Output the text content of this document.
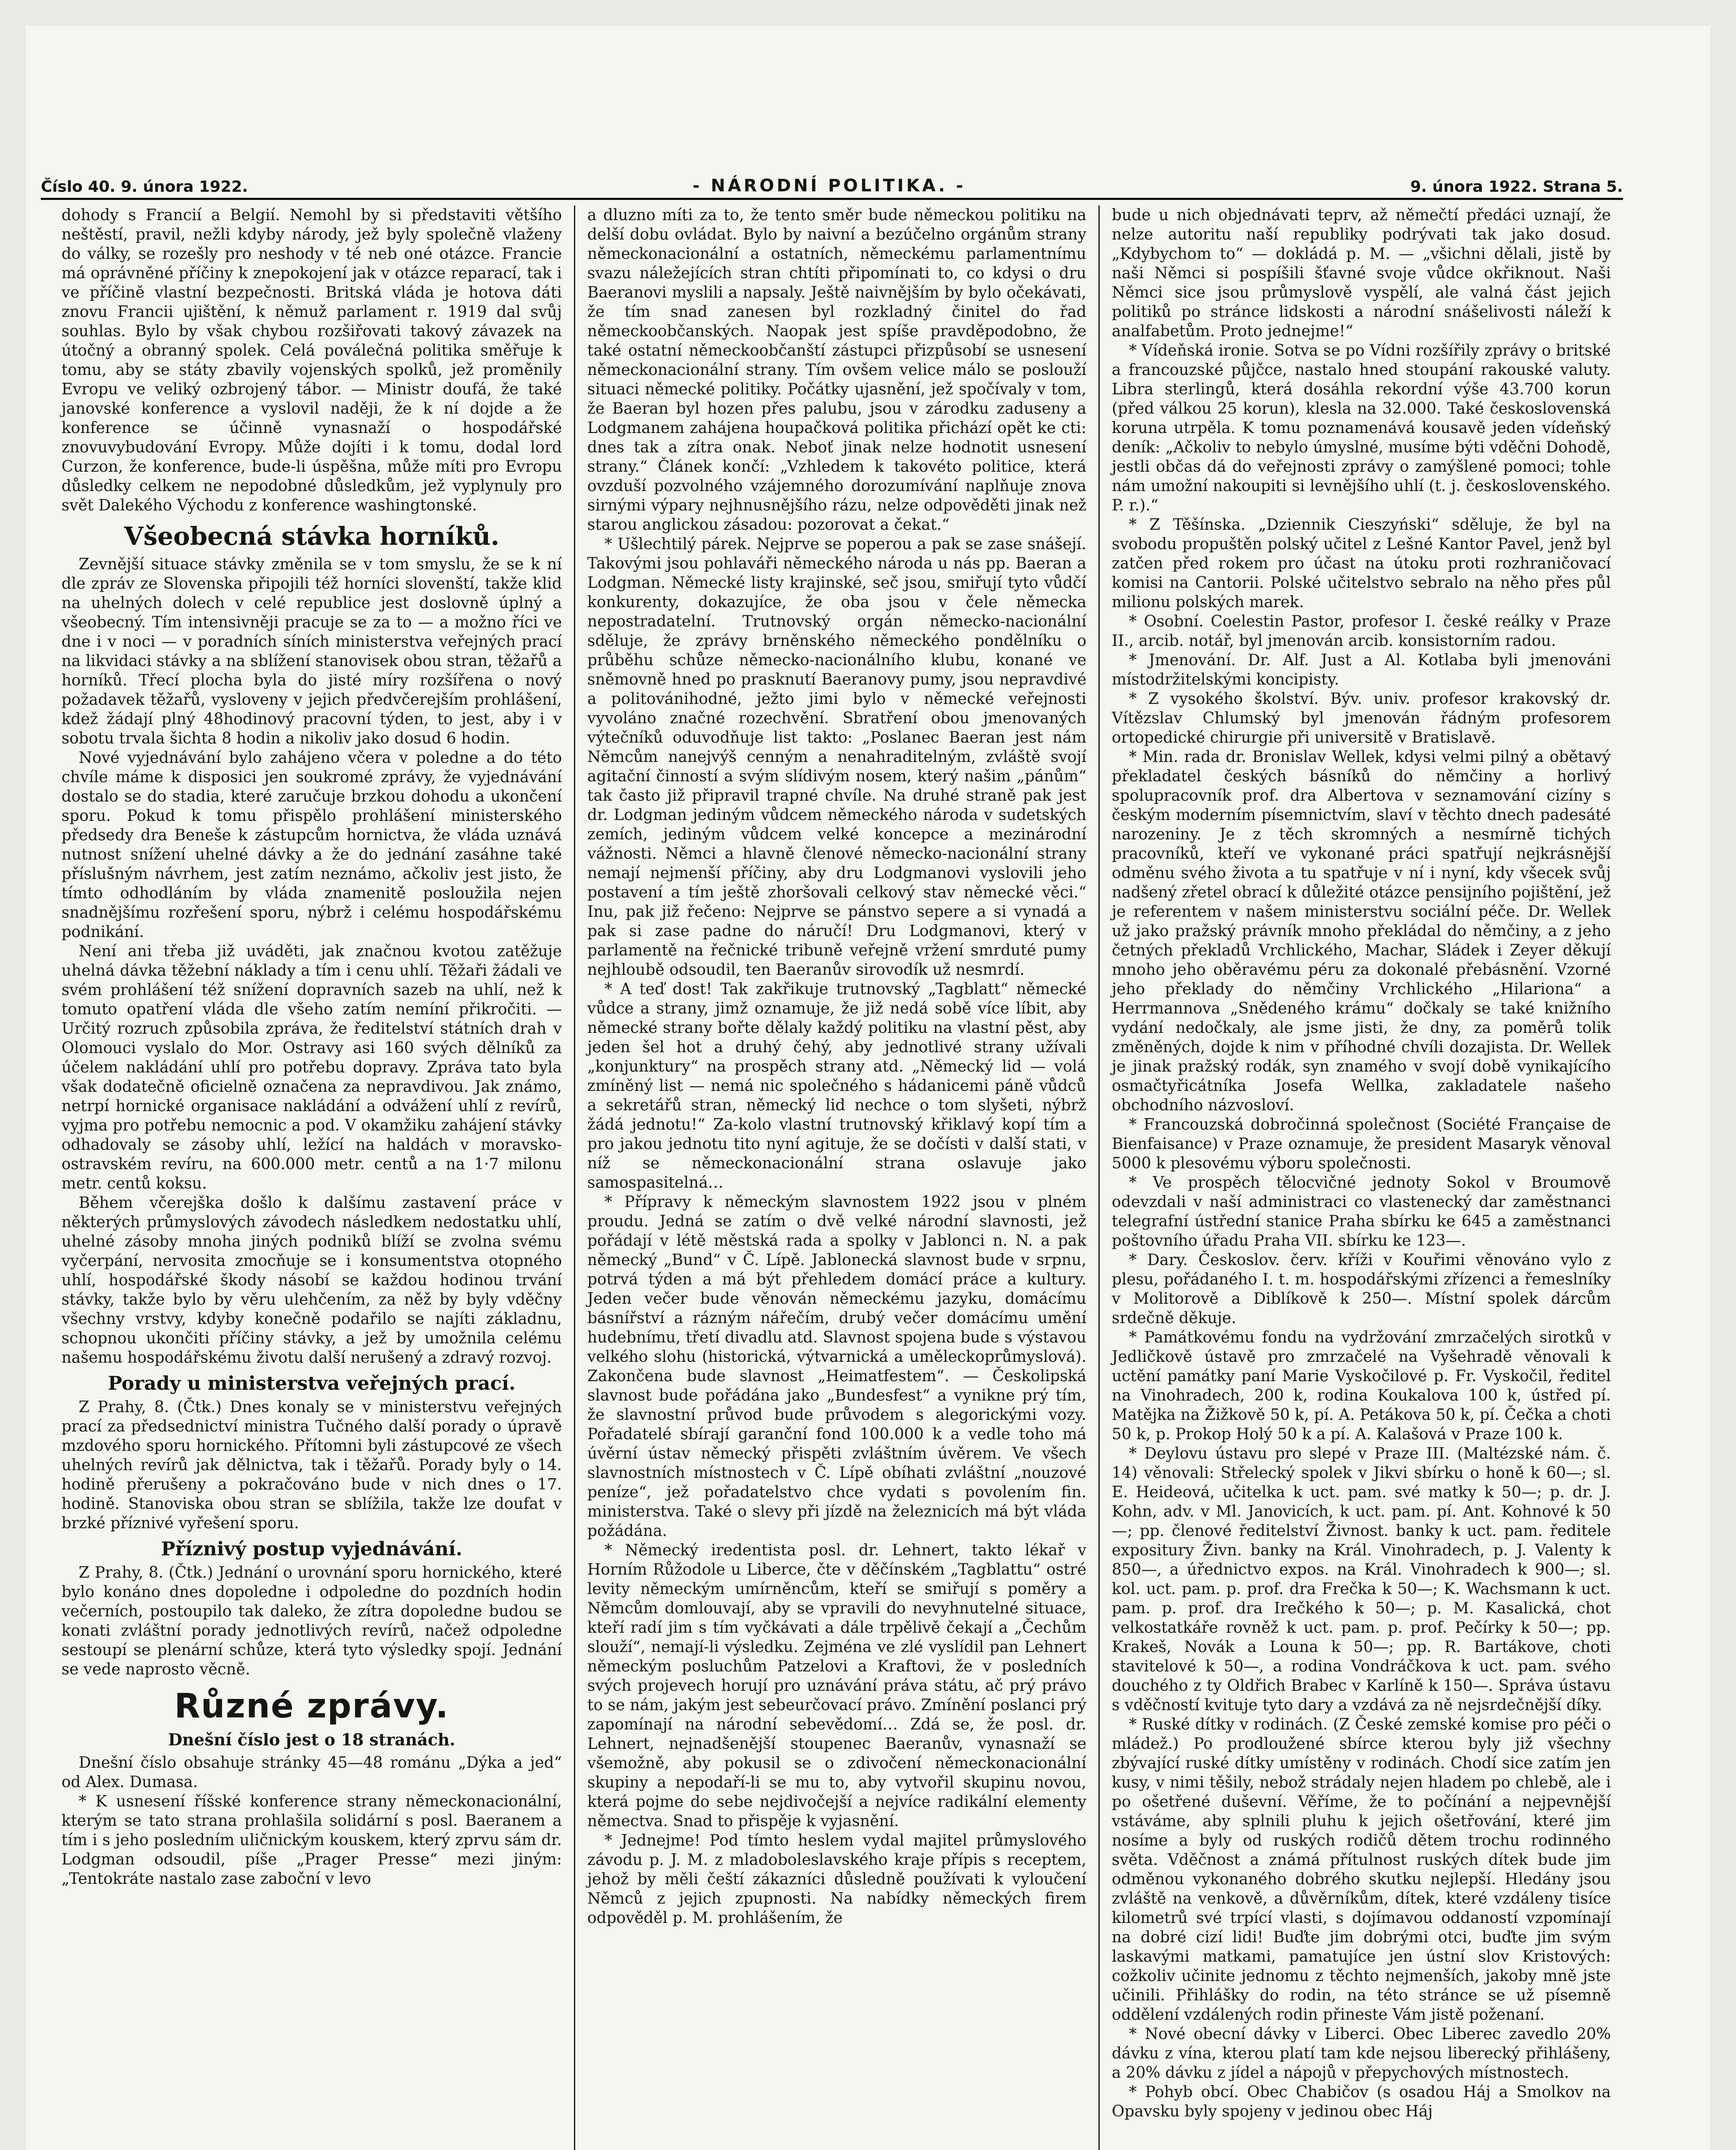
Číslo 40. 9. února 1922.	- NÁRODNÍ POLITIKA. -	9. února 1922. Strana 5.

dohody s Francií a Belgií. Nemohl by si představiti většího neštěstí, pravil, nežli kdyby národy, jež byly společně vlaženy do války, se rozešly pro neshody v té neb oné otázce. Francie má oprávněné příčiny k znepokojení jak v otázce reparací, tak i ve příčině vlastní bezpečnosti. Britská vláda je hotova dáti znovu Francii ujištění, k němuž parlament r. 1919 dal svůj souhlas. Bylo by však chybou rozšiřovati takový závazek na útočný a obranný spolek. Celá poválečná politika směřuje k tomu, aby se státy zbavily vojenských spolků, jež proměnily Evropu ve veliký ozbrojený tábor. — Ministr doufá, že také janovské konference a vyslovil naději, že k ní dojde a že konference se účinně vynasnaží o hospodářské znovuvybudování Evropy. Může dojíti i k tomu, dodal lord Curzon, že konference, bude-li úspěšna, může míti pro Evropu důsledky celkem ne nepodobné důsledkům, jež vyplynuly pro svět Dalekého Východu z konference washingtonské.

Všeobecná stávka horníků.

Zevnější situace stávky změnila se v tom smyslu, že se k ní dle zpráv ze Slovenska připojili též horníci slovenští, takže klid na uhelných dolech v celé republice jest doslovně úplný a všeobecný. Tím intensivněji pracuje se za to — a možno říci ve dne i v noci — v poradních síních ministerstva veřejných prací na likvidaci stávky a na sblížení stanovisek obou stran, těžařů a horníků. Třecí plocha byla do jisté míry rozšířena o nový požadavek těžařů, vysloveny v jejich předvčerejším prohlášení, kdež žádají plný 48hodinový pracovní týden, to jest, aby i v sobotu trvala šichta 8 hodin a nikoliv jako dosud 6 hodin.

Nové vyjednávání bylo zahájeno včera v poledne a do této chvíle máme k disposici jen soukromé zprávy, že vyjednávání dostalo se do stadia, které zaručuje brzkou dohodu a ukončení sporu. Pokud k tomu přispělo prohlášení ministerského předsedy dra Beneše k zástupcům hornictva, že vláda uznává nutnost snížení uhelné dávky a že do jednání zasáhne také příslušným návrhem, jest zatím neznámo, ačkoliv jest jisto, že tímto odhodláním by vláda znamenitě posloužila nejen snadnějšímu rozřešení sporu, nýbrž i celému hospodářskému podnikání.

Není ani třeba již uváděti, jak značnou kvotou zatěžuje uhelná dávka těžební náklady a tím i cenu uhlí. Těžaři žádali ve svém prohlášení též snížení dopravních sazeb na uhlí, než k tomuto opatření vláda dle všeho zatím nemíní přikročiti. — Určitý rozruch způsobila zpráva, že ředitelství státních drah v Olomouci vyslalo do Mor. Ostravy asi 160 svých dělníků za účelem nakládání uhlí pro potřebu dopravy. Zpráva tato byla však dodatečně oficielně označena za nepravdivou. Jak známo, netrpí hornické organisace nakládání a odvážení uhlí z revírů, vyjma pro potřebu nemocnic a pod. V okamžiku zahájení stávky odhadovaly se zásoby uhlí, ležící na haldách v moravsko-ostravském revíru, na 600.000 metr. centů a na 1·7 milonu metr. centů koksu.

Během včerejška došlo k dalšímu zastavení práce v některých průmyslových závodech následkem nedostatku uhlí, uhelné zásoby mnoha jiných podniků blíží se zvolna svému vyčerpání, nervosita zmocňuje se i konsumentstva otopného uhlí, hospodářské škody násobí se každou hodinou trvání stávky, takže bylo by věru ulehčením, za něž by byly vděčny všechny vrstvy, kdyby konečně podařilo se najíti základnu, schopnou ukončiti příčiny stávky, a jež by umožnila celému našemu hospodářskému životu další nerušený a zdravý rozvoj.

Porady u ministerstva veřejných prací.

Z Prahy, 8. (Čtk.) Dnes konaly se v ministerstvu veřejných prací za předsednictví ministra Tučného další porady o úpravě mzdového sporu hornického. Přítomni byli zástupcové ze všech uhelných revírů jak dělnictva, tak i těžařů. Porady byly o 14. hodině přerušeny a pokračováno bude v nich dnes o 17. hodině. Stanoviska obou stran se sblížila, takže lze doufat v brzké příznivé vyřešení sporu.

Příznivý postup vyjednávání.

Z Prahy, 8. (Čtk.) Jednání o urovnání sporu hornického, které bylo konáno dnes dopoledne i odpoledne do pozdních hodin večerních, postoupilo tak daleko, že zítra dopoledne budou se konati zvláštní porady jednotlivých revírů, načež odpoledne sestoupí se plenární schůze, která tyto výsledky spojí. Jednání se vede naprosto věcně.

Různé zprávy.
Dnešní číslo jest o 18 stranách.

Dnešní číslo obsahuje stránky 45—48 románu „Dýka a jed“ od Alex. Dumasa.

* K usnesení říšské konference strany německonacionální, kterým se tato strana prohlašila solidární s posl. Baeranem a tím i s jeho posledním uličnickým kouskem, který zprvu sám dr. Lodgman odsoudil, píše „Prager Presse“ mezi jiným: „Tentokráte nastalo zase zaboční v levo

a dluzno míti za to, že tento směr bude německou politiku na delší dobu ovládat. Bylo by naivní a bezúčelno orgánům strany německonacionální a ostatních, německému parlamentnímu svazu náležejících stran chtíti připomínati to, co kdysi o dru Baeranovi myslili a napsaly. Ještě naivnějším by bylo očekávati, že tím snad zanesen byl rozkladný činitel do řad německoobčanských. Naopak jest spíše pravděpodobno, že také ostatní německoobčanští zástupci přizpůsobí se usnesení německonacionální strany. Tím ovšem velice málo se poslouží situaci německé politiky. Počátky ujasnění, jež spočívaly v tom, že Baeran byl hozen přes palubu, jsou v zárodku zaduseny a Lodgmanem zahájena houpačková politika přichází opět ke cti: dnes tak a zítra onak. Neboť jinak nelze hodnotit usnesení strany.“ Článek končí: „Vzhledem k takovéto politice, která ovzduší pozvolného vzájemného dorozumívání naplňuje znova sirnými výpary nejhnusnějšího rázu, nelze odpověděti jinak než starou anglickou zásadou: pozorovat a čekat.“

* Ušlechtilý párek. Nejprve se poperou a pak se zase snášejí. Takovými jsou pohlaváři německého národa u nás pp. Baeran a Lodgman. Německé listy krajinské, seč jsou, smiřují tyto vůdčí konkurenty, dokazujíce, že oba jsou v čele německa nepostradatelní. Trutnovský orgán německo-nacionální sděluje, že zprávy brněnského německého pondělníku o průběhu schůze německo-nacionálního klubu, konané ve sněmovně hned po prasknutí Baeranovy pumy, jsou nepravdivé a politovánihodné, ježto jimi bylo v německé veřejnosti vyvoláno značné rozechvění. Sbratření obou jmenovaných výtečníků oduvodňuje list takto: „Poslanec Baeran jest nám Němcům nanejvýš cenným a nenahraditelným, zvláště svojí agitační činností a svým slídivým nosem, který našim „pánům“ tak často již připravil trapné chvíle. Na druhé straně pak jest dr. Lodgman jediným vůdcem německého národa v sudetských zemích, jediným vůdcem velké koncepce a mezinárodní vážnosti. Němci a hlavně členové německo-nacionální strany nemají nejmenší příčiny, aby dru Lodgmanovi vyslovili jeho postavení a tím ještě zhoršovali celkový stav německé věci.“ Inu, pak již řečeno: Nejprve se pánstvo sepere a si vynadá a pak si zase padne do náručí! Dru Lodgmanovi, který v parlamentě na řečnické tribuně veřejně vržení smrduté pumy nejhloubě odsoudil, ten Baeranův sirovodík už nesmrdí.

* A teď dost! Tak zakřikuje trutnovský „Tagblatt“ německé vůdce a strany, jimž oznamuje, že již nedá sobě více líbit, aby německé strany bořte dělaly každý politiku na vlastní pěst, aby jeden šel hot a druhý čehý, aby jednotlivé strany užívali „konjunktury“ na prospěch strany atd. „Německý lid — volá zmíněný list — nemá nic společného s hádanicemi páně vůdců a sekretářů stran, německý lid nechce o tom slyšeti, nýbrž žádá jednotu!“ Za-kolo vlastní trutnovský křiklavý kopí tím a pro jakou jednotu tito nyní agituje, že se dočísti v další stati, v níž se německonacionální strana oslavuje jako samospasitelná…

* Přípravy k německým slavnostem 1922 jsou v plném proudu. Jedná se zatím o dvě velké národní slavnosti, jež pořádají v létě městská rada a spolky v Jablonci n. N. a pak německý „Bund“ v Č. Lípě. Jablonecká slavnost bude v srpnu, potrvá týden a má být přehledem domácí práce a kultury. Jeden večer bude věnován německému jazyku, domácímu básnířství a rázným nářečím, drubý večer domácímu umění hudebnímu, třetí divadlu atd. Slavnost spojena bude s výstavou velkého slohu (historická, výtvarnická a uměleckoprůmyslová). Zakončena bude slavnost „Heimatfestem“. — Českolipská slavnost bude pořádána jako „Bundesfest“ a vynikne prý tím, že slavnostní průvod bude průvodem s alegorickými vozy. Pořadatelé sbírají garanční fond 100.000 k a vedle toho má úvěrní ústav německý přispěti zvláštním úvěrem. Ve všech slavnostních místnostech v Č. Lípě obíhati zvláštní „nouzové peníze“, jež pořadatelstvo chce vydati s povolením fin. ministerstva. Také o slevy při jízdě na železnicích má být vláda požádána.

* Německý iredentista posl. dr. Lehnert, takto lékař v Horním Růžodole u Liberce, čte v děčínském „Tagblattu“ ostré levity německým umírněncům, kteří se smiřují s poměry a Němcům domlouvají, aby se vpravili do nevyhnutelné situace, kteří radí jim s tím vyčkávati a dále trpělivě čekají a „Čechům slouží“, nemají-li výsledku. Zejména ve zlé vyslídil pan Lehnert německým posluchům Patzelovi a Kraftovi, že v posledních svých projevech horují pro uznávání práva státu, ač prý právo to se nám, jakým jest sebeurčovací právo. Zmínění poslanci prý zapomínají na národní sebevědomí… Zdá se, že posl. dr. Lehnert, nejnadšenější stoupenec Baeranův, vynasnaží se všemožně, aby pokusil se o zdivočení německonacionální skupiny a nepodaří-li se mu to, aby vytvořil skupinu novou, která pojme do sebe nejdivočejší a nejvíce radikální elementy němectva. Snad to přispěje k vyjasnění.

* Jednejme! Pod tímto heslem vydal majitel průmyslového závodu p. J. M. z mladoboleslavského kraje přípis s receptem, jehož by měli čeští zákazníci důsledně používati k vyloučení Němců z jejich zpupnosti. Na nabídky německých firem odpověděl p. M. prohlášením, že

bude u nich objednávati teprv, až němečtí předáci uznají, že nelze autoritu naší republiky podrývati tak jako dosud. „Kdybychom to“ — dokládá p. M. — „všichni dělali, jistě by naši Němci si pospíšili šťavné svoje vůdce okřiknout. Naši Němci sice jsou průmyslově vyspělí, ale valná část jejich politiků po stránce lidskosti a národní snášelivosti náleží k analfabetům. Proto jednejme!“

* Vídeňská ironie. Sotva se po Vídni rozšířily zprávy o britské a francouzské půjčce, nastalo hned stoupání rakouské valuty. Libra sterlingů, která dosáhla rekordní výše 43.700 korun (před válkou 25 korun), klesla na 32.000. Také československá koruna utrpěla. K tomu poznamenává kousavě jeden vídeňský deník: „Ačkoliv to nebylo úmyslné, musíme býti vděčni Dohodě, jestli občas dá do veřejnosti zprávy o zamýšlené pomoci; tohle nám umožní nakoupiti si levnějšího uhlí (t. j. československého. P. r.).“

* Z Těšínska. „Dziennik Cieszyński“ sděluje, že byl na svobodu propuštěn polský učitel z Lešné Kantor Pavel, jenž byl zatčen před rokem pro účast na útoku proti rozhraničovací komisi na Cantorii. Polské učitelstvo sebralo na něho přes půl milionu polských marek.

* Osobní. Coelestin Pastor, profesor I. české reálky v Praze II., arcib. notář, byl jmenován arcib. konsistorním radou.

* Jmenování. Dr. Alf. Just a Al. Kotlaba byli jmenováni místodržitelskými koncipisty.

* Z vysokého školství. Býv. univ. profesor krakovský dr. Vítězslav Chlumský byl jmenován řádným profesorem ortopedické chirurgie při universitě v Bratislavě.

* Min. rada dr. Bronislav Wellek, kdysi velmi pilný a obětavý překladatel českých básníků do němčiny a horlivý spolupracovník prof. dra Albertova v seznamování cizíny s českým moderním písemnictvím, slaví v těchto dnech padesáté narozeniny. Je z těch skromných a nesmírně tichých pracovníků, kteří ve vykonané práci spatřují nejkrásnější odměnu svého života a tu spatřuje v ní i nyní, kdy všecek svůj nadšený zřetel obrací k důležité otázce pensijního pojištění, jež je referentem v našem ministerstvu sociální péče. Dr. Wellek už jako pražský právník mnoho překládal do němčiny, a z jeho četných překladů Vrchlického, Machar, Sládek i Zeyer děkují mnoho jeho oběravému péru za dokonalé přebásnění. Vzorné jeho překlady do němčiny Vrchlického „Hilariona“ a Herrmannova „Snědeného krámu“ dočkaly se také knižního vydání nedočkaly, ale jsme jisti, že dny, za poměrů tolik změněných, dojde k nim v příhodné chvíli dozajista. Dr. Wellek je jinak pražský rodák, syn znamého v svojí době vynikajícího osmačtyřicátníka Josefa Wellka, zakladatele našeho obchodního názvosloví.

* Francouzská dobročinná společnost (Société Française de Bienfaisance) v Praze oznamuje, že president Masaryk věnoval 5000 k plesovému výboru společnosti.

* Ve prospěch tělocvičné jednoty Sokol v Broumově odevzdali v naší administraci co vlastenecký dar zaměstnanci telegrafní ústřední stanice Praha sbírku ke 645 a zaměstnanci poštovního úřadu Praha VII. sbírku ke 123—.

* Dary. Českoslov. červ. kříži v Kouřimi věnováno vylo z plesu, pořádaného I. t. m. hospodářskými zřízenci a řemeslníky v Molitorově a Diblíkově k 250—. Místní spolek dárcům srdečně děkuje.

* Památkovému fondu na vydržování zmrzačelých sirotků v Jedličkově ústavě pro zmrzačelé na Vyšehradě věnovali k uctění památky paní Marie Vyskočilové p. Fr. Vyskočil, ředitel na Vinohradech, 200 k, rodina Koukalova 100 k, ústřed pí. Matějka na Žižkově 50 k, pí. A. Petákova 50 k, pí. Čečka a choti 50 k, p. Prokop Holý 50 k a pí. A. Kalašová v Praze 100 k.

* Deylovu ústavu pro slepé v Praze III. (Maltézské nám. č. 14) věnovali: Střelecký spolek v Jikvi sbírku o honě k 60—; sl. E. Heideová, učitelka k uct. pam. své matky k 50—; p. dr. J. Kohn, adv. v Ml. Janovicích, k uct. pam. pí. Ant. Kohnové k 50—; pp. členové ředitelství Živnost. banky k uct. pam. ředitele expositury Živn. banky na Král. Vinohradech, p. J. Valenty k 850—, a úřednictvo expos. na Král. Vinohradech k 900—; sl. kol. uct. pam. p. prof. dra Frečka k 50—; K. Wachsmann k uct. pam. p. prof. dra Irečkého k 50—; p. M. Kasalická, chot velkostatkáře rovněž k uct. pam. p. prof. Pečírky k 50—; pp. Krakeš, Novák a Louna k 50—; pp. R. Bartákove, choti stavitelové k 50—, a rodina Vondráčkova k uct. pam. svého douchého z ty Oldřich Brabec v Karlíně k 150—. Správa ústavu s vděčností kvituje tyto dary a vzdává za ně nejsrdečnější díky.

* Ruské dítky v rodinách. (Z České zemské komise pro péči o mládež.) Po prodloužené sbírce kterou byly již všechny zbývající ruské dítky umístěny v rodinách. Chodí sice zatím jen kusy, v nimi těšily, nebož strádaly nejen hladem po chlebě, ale i po ošetřené duševní. Věříme, že to počínání a nejpevnější vstáváme, aby splnili pluhu k jejich ošetřování, které jim nosíme a byly od ruských rodičů dětem trochu rodinného světa. Vděčnost a známá přítulnost ruských dítek bude jim odměnou vykonaného dobrého skutku nejlepší. Hledány jsou zvláště na venkově, a důvěrníkům, dítek, které vzdáleny tisíce kilometrů své trpící vlasti, s dojímavou oddaností vzpomínají na dobré cizí lidi! Buďte jim dobrými otci, buďte jim svým laskavými matkami, pamatujíce jen ústní slov Kristových: cožkoliv učinite jednomu z těchto nejmenších, jakoby mně jste učinili. Přihlášky do rodin, na této stránce se už písemně oddělení vzdálených rodin přineste Vám jistě poženaní.

* Nové obecní dávky v Liberci. Obec Liberec zavedlo 20% dávku z vína, kterou platí tam kde nejsou liberecký přihlášeny, a 20% dávku z jídel a nápojů v přepychových místnostech.

* Pohyb obcí. Obec Chabičov (s osadou Háj a Smolkov na Opavsku byly spojeny v jedinou obec Háj
